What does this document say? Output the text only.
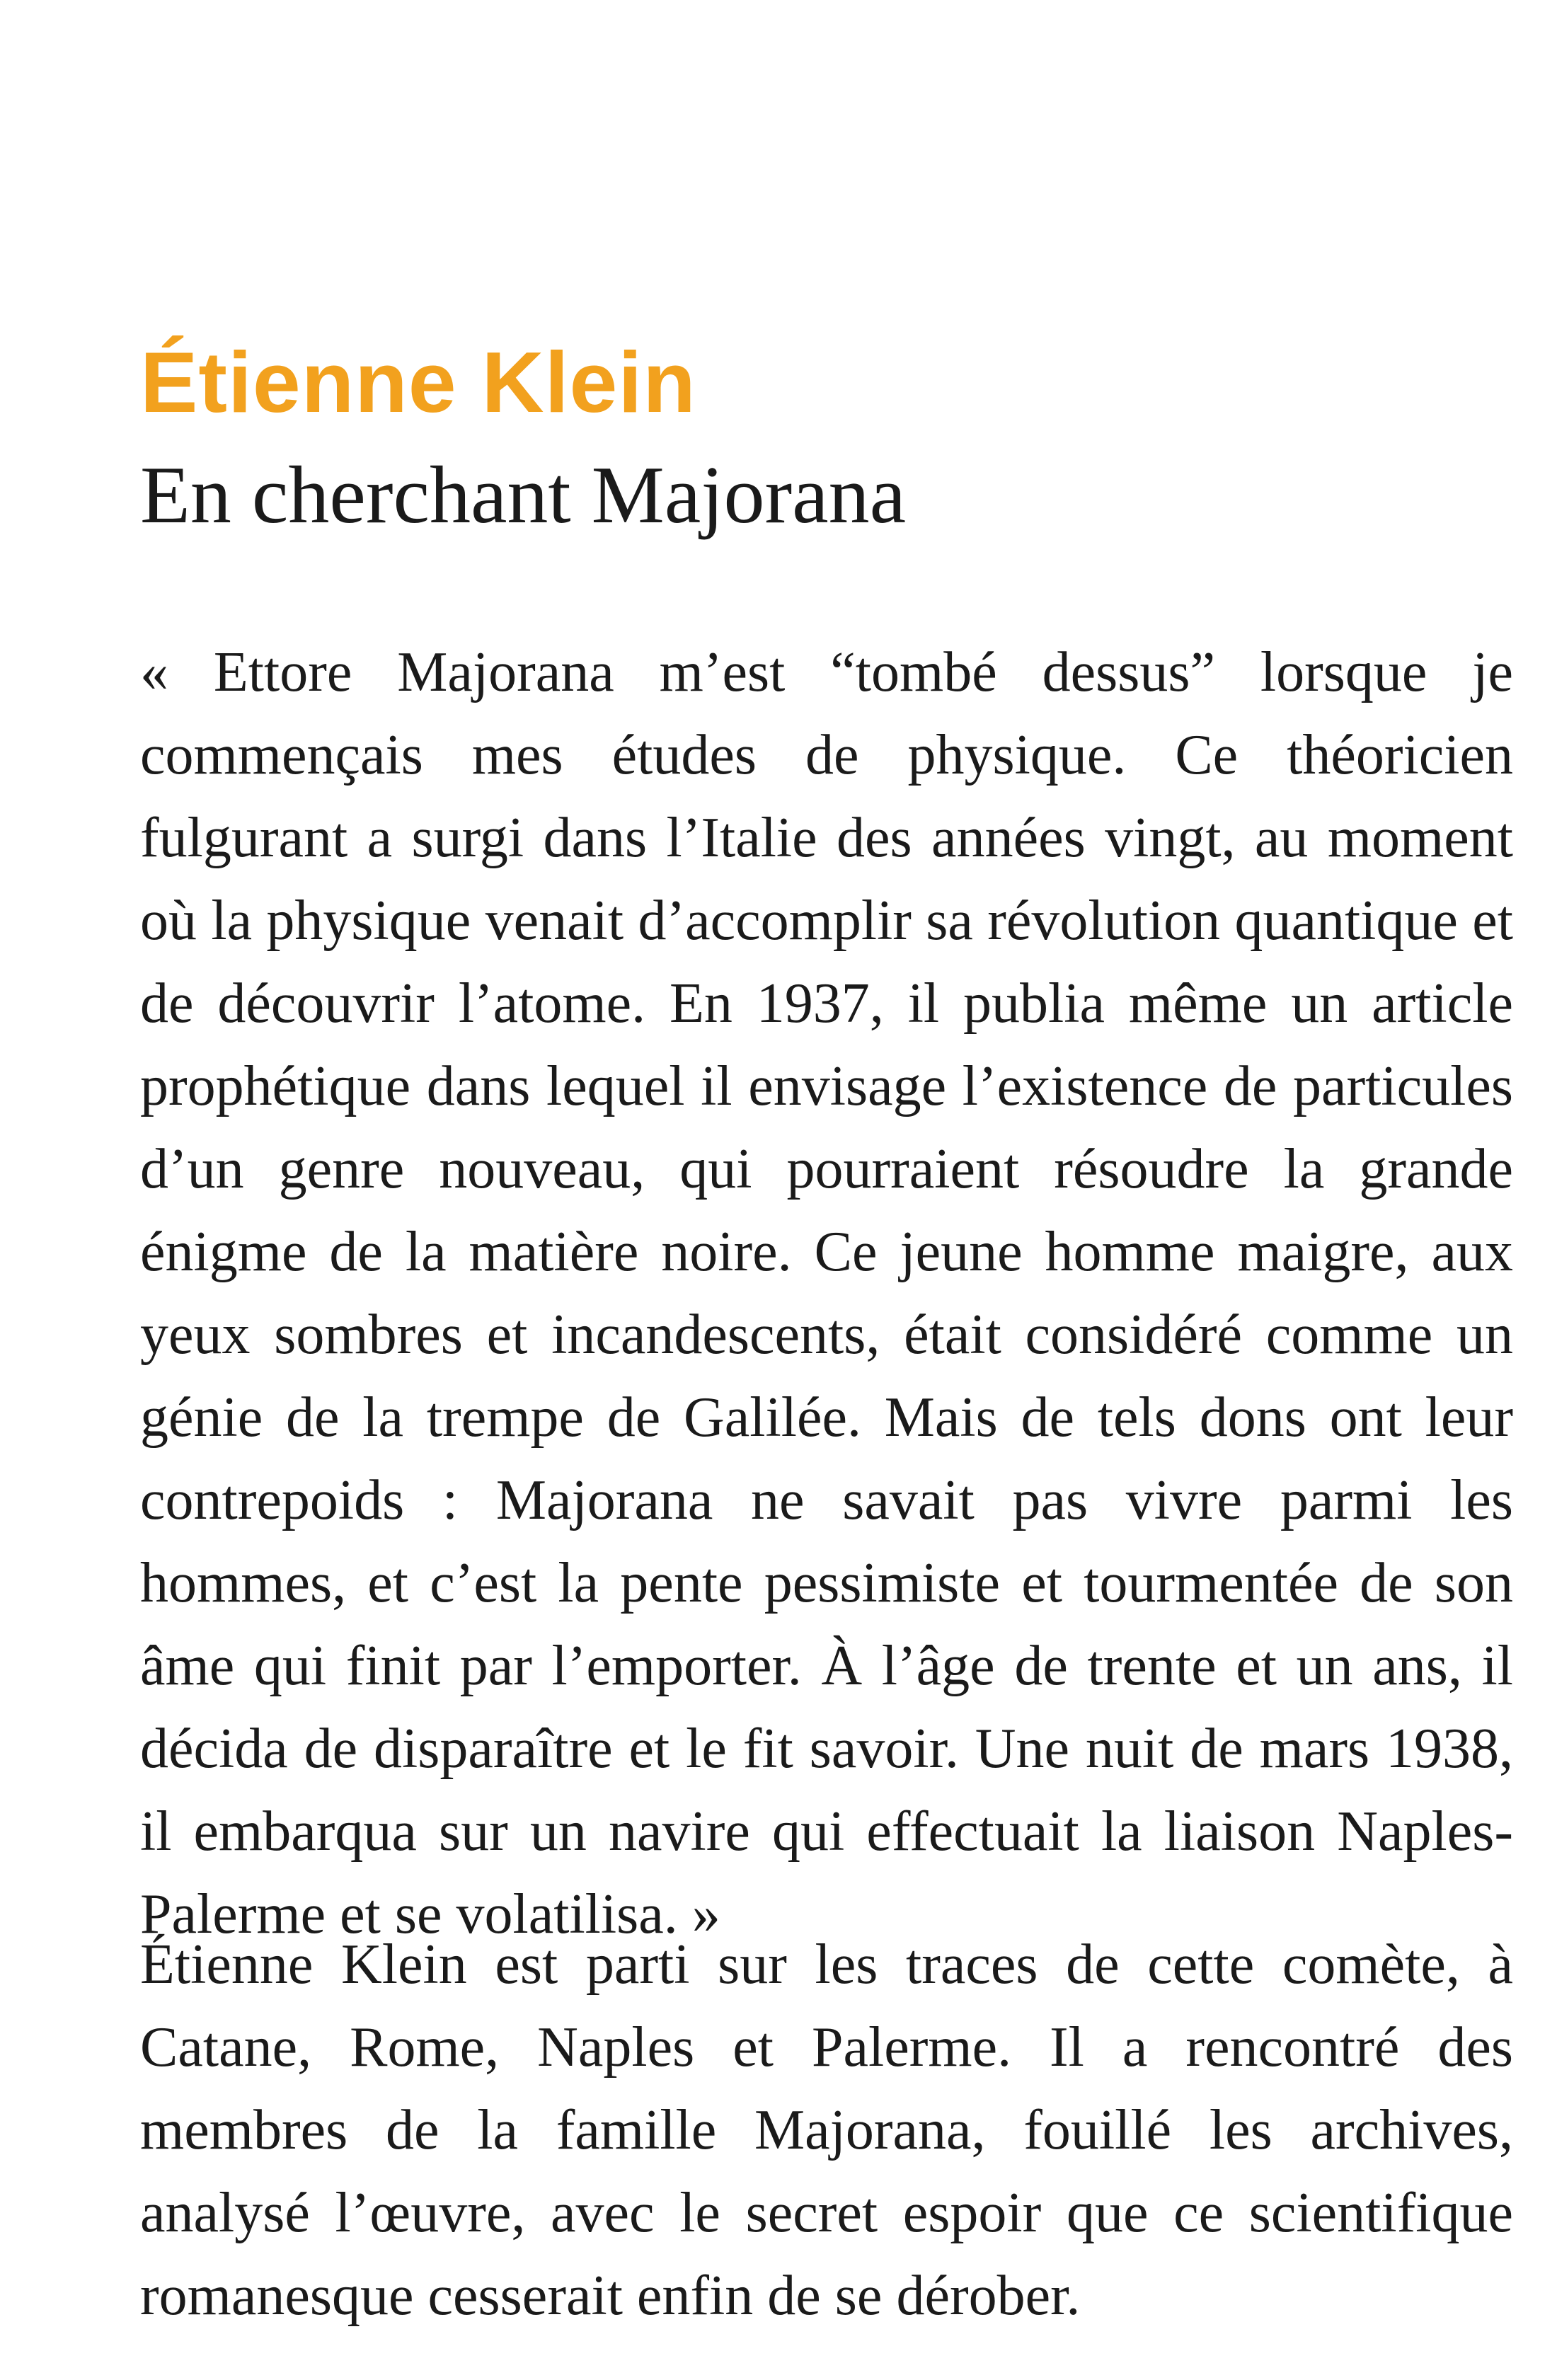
Étienne Klein
En cherchant Majorana

« Ettore Majorana m’est “tombé dessus” lorsque je commençais mes études de physique. Ce théoricien fulgurant a surgi dans l’Italie des années vingt, au moment où la physique venait d’accomplir sa révolution quantique et de découvrir l’atome. En 1937, il publia même un article prophétique dans lequel il envisage l’existence de particules d’un genre nouveau, qui pourraient résoudre la grande énigme de la matière noire. Ce jeune homme maigre, aux yeux sombres et incandescents, était considéré comme un génie de la trempe de Galilée. Mais de tels dons ont leur contrepoids : Majorana ne savait pas vivre parmi les hommes, et c’est la pente pessimiste et tourmentée de son âme qui finit par l’emporter. À l’âge de trente et un ans, il décida de disparaître et le fit savoir. Une nuit de mars 1938, il embarqua sur un navire qui effectuait la liaison Naples-Palerme et se volatilisa. »

Étienne Klein est parti sur les traces de cette comète, à Catane, Rome, Naples et Palerme. Il a rencontré des membres de la famille Majorana, fouillé les archives, analysé l’œuvre, avec le secret espoir que ce scientifique romanesque cesserait enfin de se dérober.
